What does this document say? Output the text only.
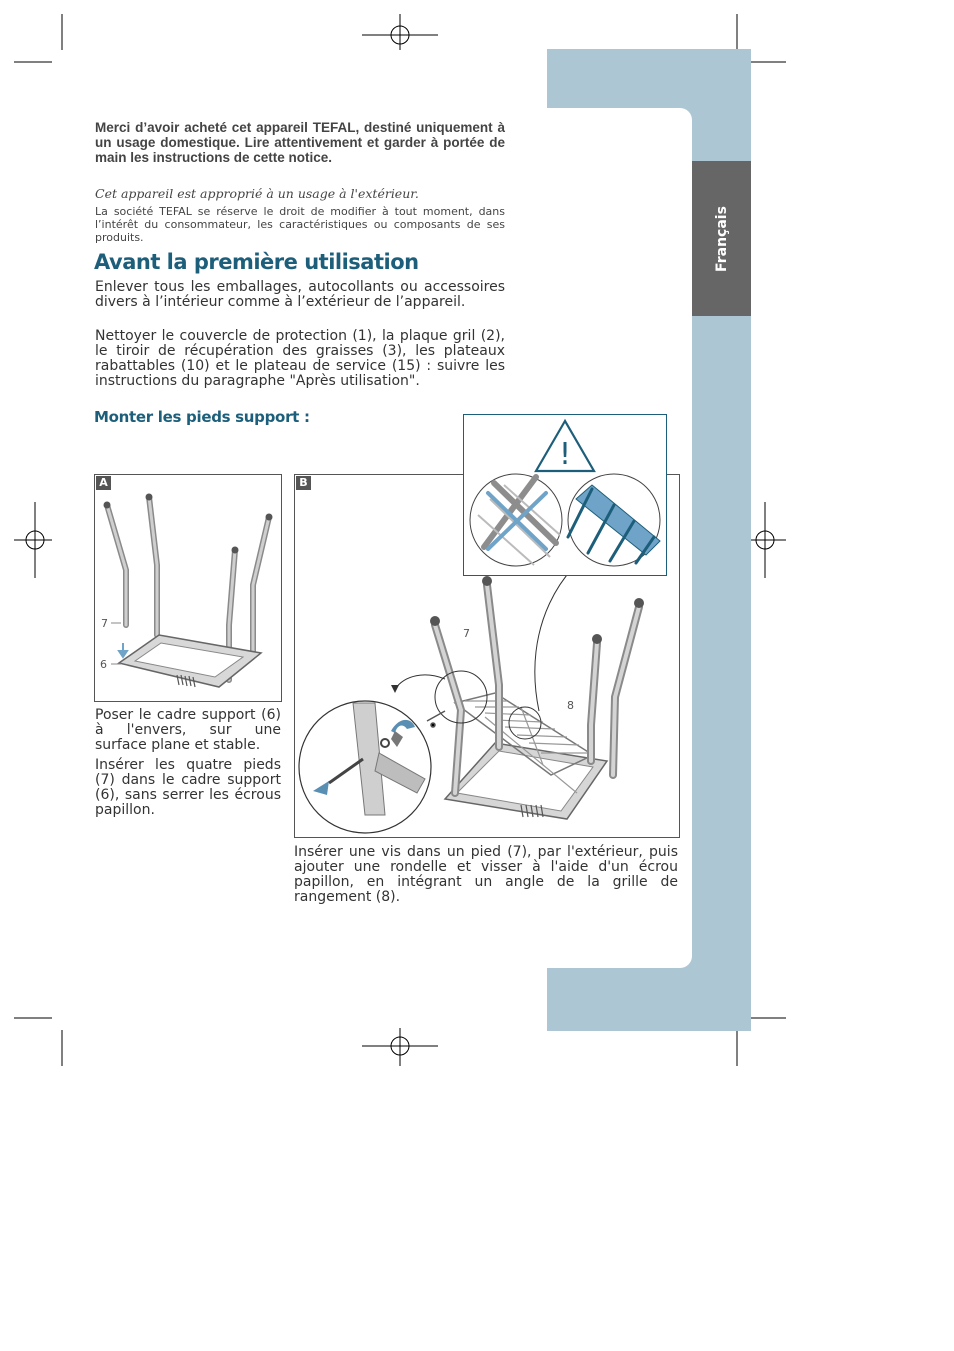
Français
Merci d’avoir acheté cet appareil TEFAL, destiné uniquement à un usage domestique. Lire attentivement et garder à portée de main les instructions de cette notice.
Cet appareil est approprié à un usage à l'extérieur.
La société TEFAL se réserve le droit de modifier à tout moment, dans l’intérêt du consommateur, les caractéristiques ou composants de ses produits.
Avant la première utilisation
Enlever tous les emballages, autocollants ou accessoires divers à l’intérieur comme à l’extérieur de l’appareil.
Nettoyer le couvercle de protection (1), la plaque gril (2), le tiroir de récupération des graisses (3), les plateaux rabattables (10) et le plateau de service (15) : suivre les instructions du paragraphe "Après utilisation".
Monter les pieds support :
A
7
6
B
7
8
!

Poser le cadre support (6) à l'envers, sur une surface plane et stable.

Insérer les quatre pieds (7) dans le cadre support (6), sans serrer les écrous papillon.

Insérer une vis dans un pied (7), par l'extérieur, puis ajouter une rondelle et visser à l'aide d'un écrou papillon, en intégrant un angle de la grille de rangement (8).
